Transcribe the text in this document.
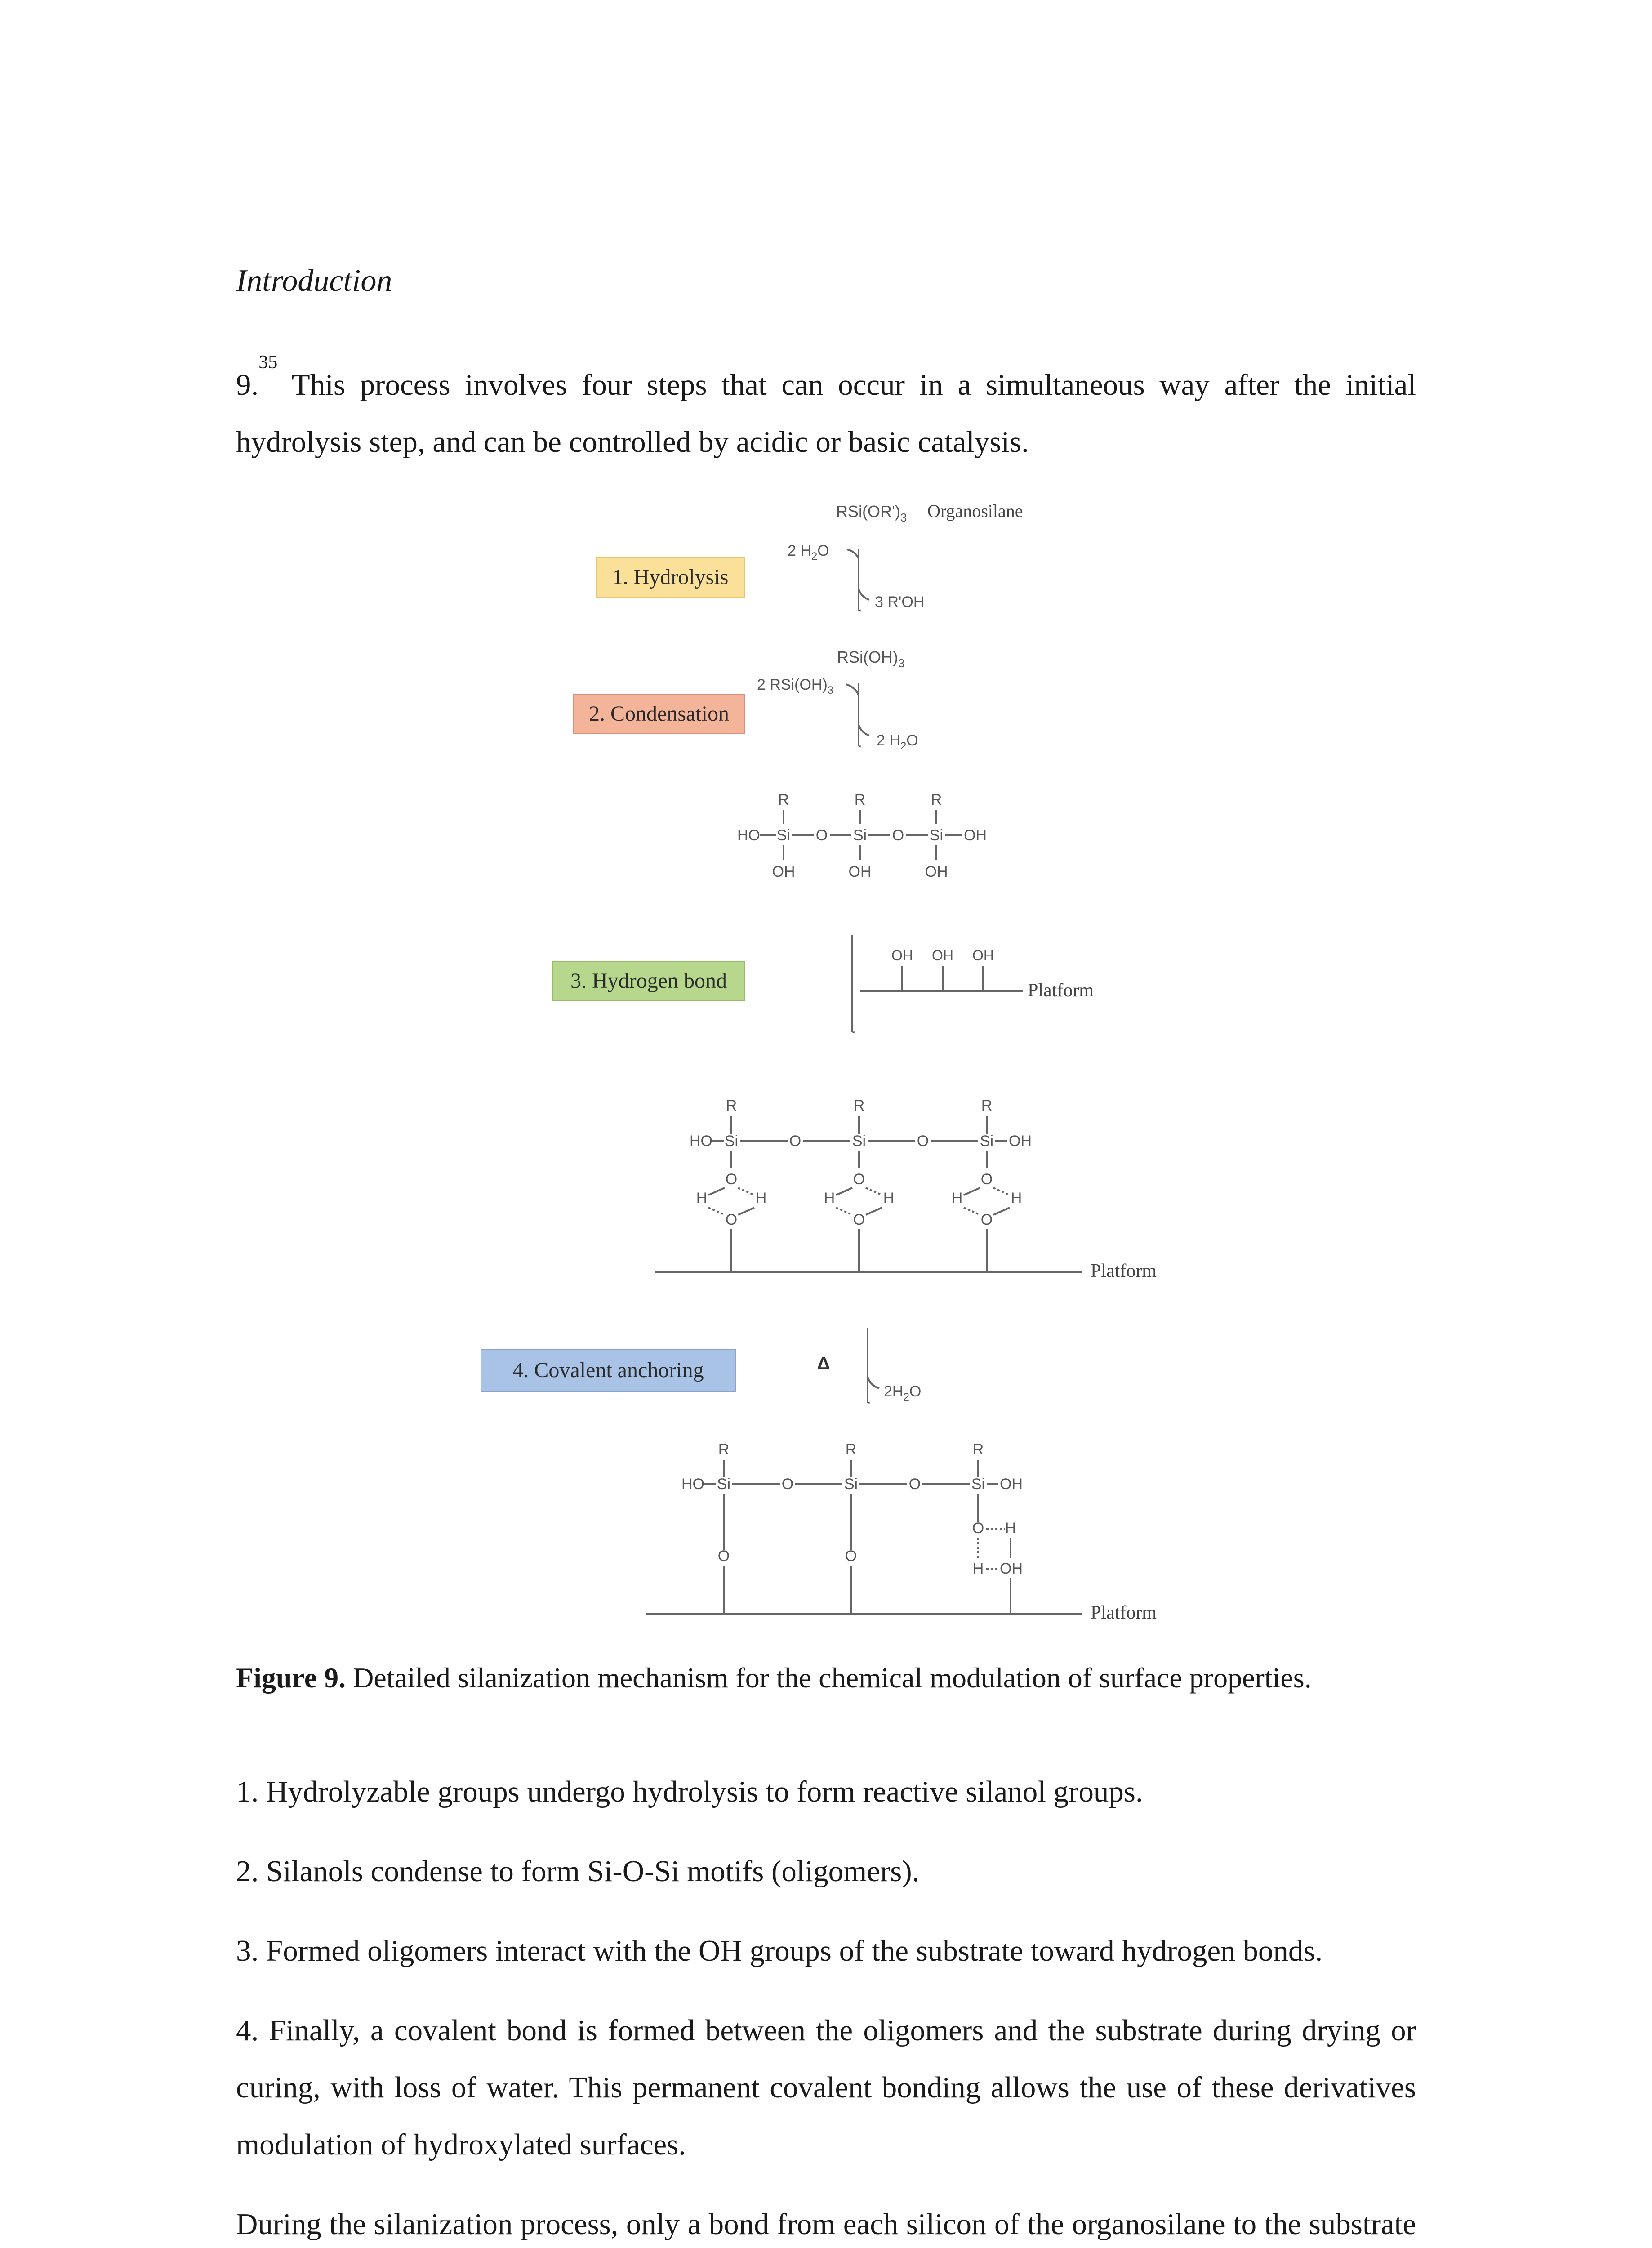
Introduction
9.35 This process involves four steps that can occur in a simultaneous way after the initial hydrolysis step, and can be controlled by acidic or basic catalysis.
1. Hydrolysis
2. Condensation
3. Hydrogen bond
4. Covalent anchoring
$RSi(OR')_3$ Organosilane
2 $H_2O$
3 R'OH
$RSi(OH)_3$
2 $RSi(OH)_3$
2 $H_2O$
R	R	R
HO Si O Si O Si OH
OH	OH	OH
OH OH OH
Platform
R	R	R
HO Si	O	Si	O	Si OH
O
H	H
O
O
H	H
O
O
H	H
O
Platform
Δ
$2H_2O$
R	R	R
HO Si	O	Si	O	Si OH
O	O
O H
H OH
Platform
Figure 9. Detailed silanization mechanism for the chemical modulation of surface properties.
1. Hydrolyzable groups undergo hydrolysis to form reactive silanol groups.
2. Silanols condense to form Si-O-Si motifs (oligomers).
3. Formed oligomers interact with the OH groups of the substrate toward hydrogen bonds.
4. Finally, a covalent bond is formed between the oligomers and the substrate during drying or curing, with loss of water. This permanent covalent bonding allows the use of these derivatives modulation of hydroxylated surfaces.
During the silanization process, only a bond from each silicon of the organosilane to the substrate
